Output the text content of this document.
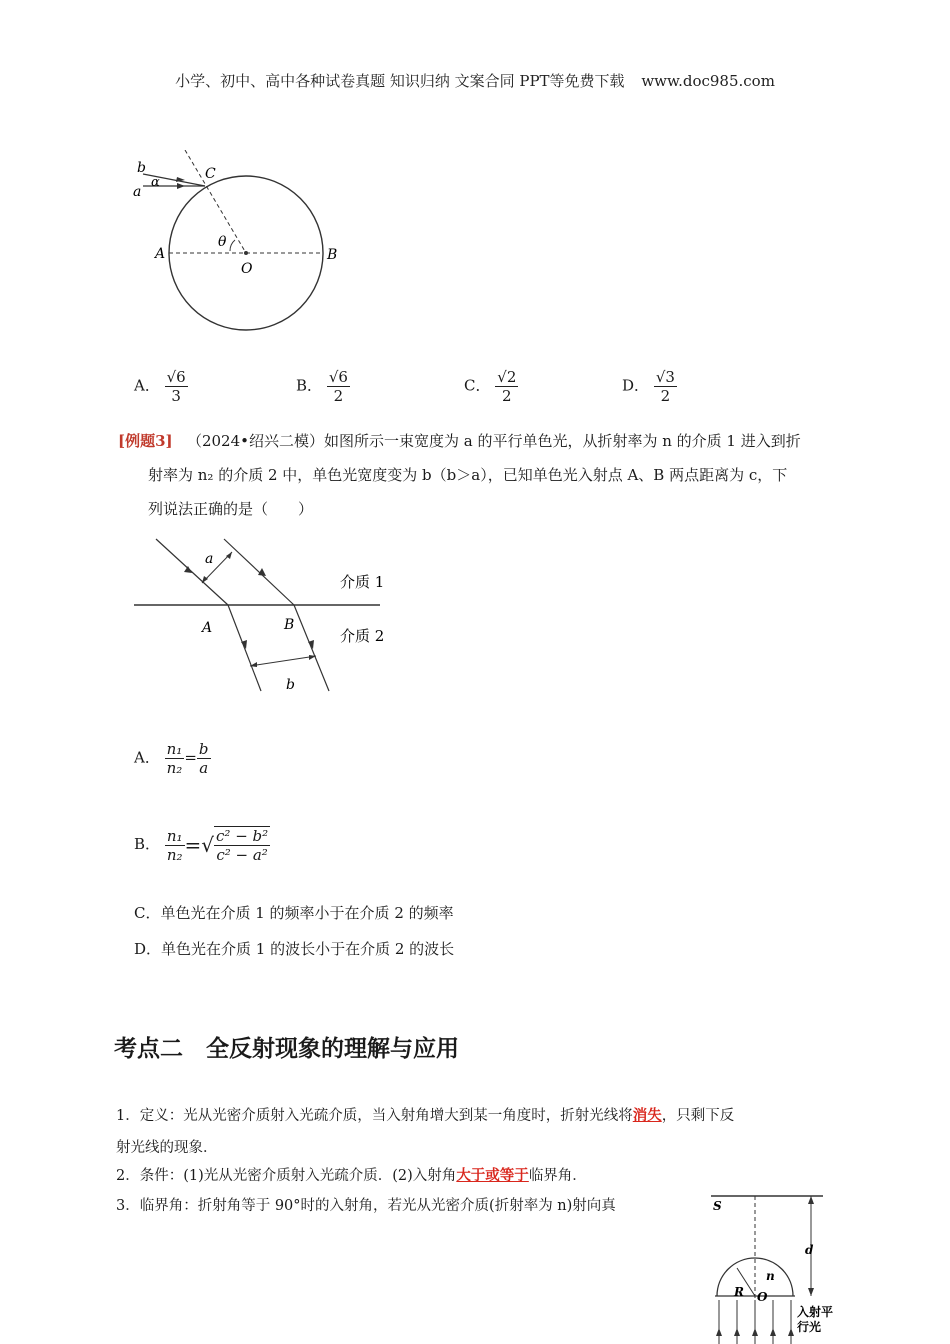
小学、初中、高中各种试卷真题 知识归纳 文案合同 PPT等免费下载 www.doc985.com
b
a
α
C
θ
A
O
B
A． $\frac{√6}{3}$	B． $\frac{√6}{2}$	C． $\frac{√2}{2}$	D． $\frac{√3}{2}$
[例题3] （2024•绍兴二模）如图所示一束宽度为 a 的平行单色光，从折射率为 n 的介质 1 进入到折
射率为 n₂ 的介质 2 中，单色光宽度变为 b（b＞a），已知单色光入射点 A、B 两点距离为 c，下
列说法正确的是（　　）
a
b
A	B
介质 1
介质 2
A． $\frac{\text{n₁}}{\text{n₂}} = \frac{b}{a}$
B． $\frac{\text{n₁}}{\text{n₂}}$ =√ $\frac{\text{c² − b²}}{\text{c² − a²}}$
C．单色光在介质 1 的频率小于在介质 2 的频率
D．单色光在介质 1 的波长小于在介质 2 的波长
考点二　全反射现象的理解与应用
1．定义：光从光密介质射入光疏介质，当入射角增大到某一角度时，折射光线将消失，只剩下反
射光线的现象．
2．条件：(1)光从光密介质射入光疏介质．(2)入射角大于或等于临界角．
3．临界角：折射角等于 90°时的入射角，若光从光密介质(折射率为 n)射向真	S
d
n
R O
入射平
行光
